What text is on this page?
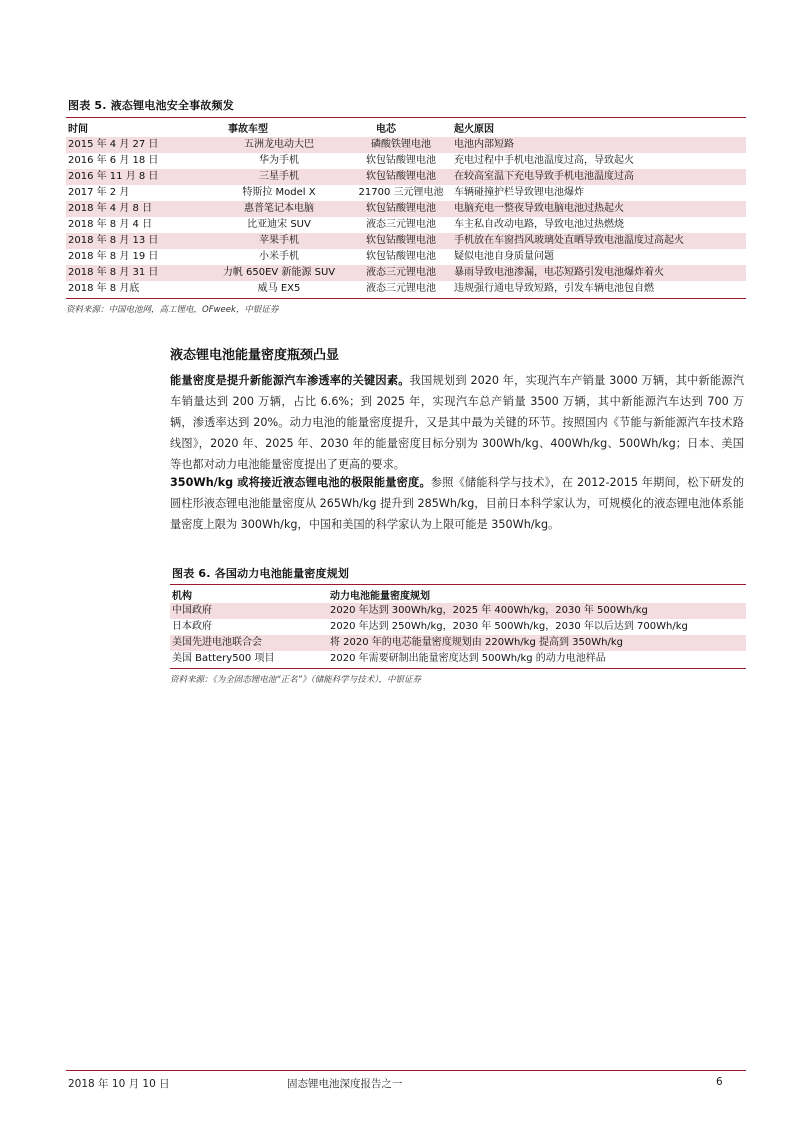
图表 5. 液态锂电池安全事故频发
时间	事故车型	电芯	起火原因
2015 年 4 月 27 日	五洲龙电动大巴	磷酸铁锂电池	电池内部短路
2016 年 6 月 18 日	华为手机	软包钴酸锂电池	充电过程中手机电池温度过高，导致起火
2016 年 11 月 8 日	三星手机	软包钴酸锂电池	在较高室温下充电导致手机电池温度过高
2017 年 2 月	特斯拉 Model X	21700 三元锂电池	车辆碰撞护栏导致锂电池爆炸
2018 年 4 月 8 日	惠普笔记本电脑	软包钴酸锂电池	电脑充电一整夜导致电脑电池过热起火
2018 年 8 月 4 日	比亚迪宋 SUV	液态三元锂电池	车主私自改动电路，导致电池过热燃烧
2018 年 8 月 13 日	苹果手机	软包钴酸锂电池	手机放在车窗挡风玻璃处直晒导致电池温度过高起火
2018 年 8 月 19 日	小米手机	软包钴酸锂电池	疑似电池自身质量问题
2018 年 8 月 31 日	力帆 650EV 新能源 SUV	液态三元锂电池	暴雨导致电池渗漏，电芯短路引发电池爆炸着火
2018 年 8 月底	威马 EX5	液态三元锂电池	违规强行通电导致短路，引发车辆电池包自燃
资料来源：中国电池网，高工锂电，OFweek，中银证券
液态锂电池能量密度瓶颈凸显

能量密度是提升新能源汽车渗透率的关键因素。我国规划到 2020 年，实现汽车产销量 3000 万辆，其中新能源汽车销量达到 200 万辆，占比 6.6%；到 2025 年，实现汽车总产销量 3500 万辆，其中新能源汽车达到 700 万辆，渗透率达到 20%。动力电池的能量密度提升，又是其中最为关键的环节。按照国内《节能与新能源汽车技术路线图》，2020 年、2025 年、2030 年的能量密度目标分别为 300Wh/kg、400Wh/kg、500Wh/kg；日本、美国等也都对动力电池能量密度提出了更高的要求。

350Wh/kg 或将接近液态锂电池的极限能量密度。参照《储能科学与技术》，在 2012-2015 年期间，松下研发的圆柱形液态锂电池能量密度从 265Wh/kg 提升到 285Wh/kg，目前日本科学家认为，可规模化的液态锂电池体系能量密度上限为 300Wh/kg，中国和美国的科学家认为上限可能是 350Wh/kg。

图表 6. 各国动力电池能量密度规划
机构	动力电池能量密度规划
中国政府	2020 年达到 300Wh/kg，2025 年 400Wh/kg，2030 年 500Wh/kg
日本政府	2020 年达到 250Wh/kg，2030 年 500Wh/kg，2030 年以后达到 700Wh/kg
美国先进电池联合会	将 2020 年的电芯能量密度规划由 220Wh/kg 提高到 350Wh/kg
美国 Battery500 项目	2020 年需要研制出能量密度达到 500Wh/kg 的动力电池样品
资料来源：《为全固态锂电池“正名”》（储能科学与技术），中银证券
2018 年 10 月 10 日	固态锂电池深度报告之一	6
